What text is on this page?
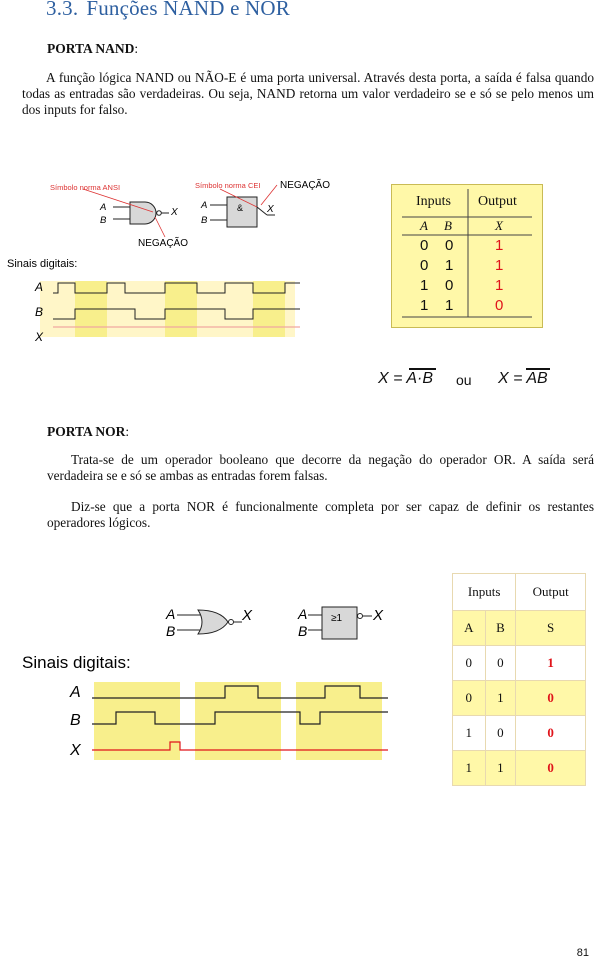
3.3. Funções NAND e NOR
PORTA NAND:
A função lógica NAND ou NÃO-E é uma porta universal. Através desta porta, a saída é falsa quando todas as entradas são verdadeiras. Ou seja, NAND retorna um valor verdadeiro se e só se pelo menos um dos inputs for falso.
Símbolo norma ANSI	Símbolo norma CEI NEGAÇÃO
NEGAÇÃO
A
B
X	&
A
B
X
Sinais digitais:
A
B
X
Inputs Output
A B	X
0 0	1
0 1	1
1 0	1
1 1	0
X = A·B ou X = AB
PORTA NOR:
Trata-se de um operador booleano que decorre da negação do operador OR. A saída será verdadeira se e só se ambas as entradas forem falsas.
Diz-se que a porta NOR é funcionalmente completa por ser capaz de definir os restantes operadores lógicos.
A
B
X	≥1
A
B
X
Sinais digitais:
A
B
X
Inputs		Output
A	B	S
0	0	1
0	1	0
1	0	0
1	1	0
81
